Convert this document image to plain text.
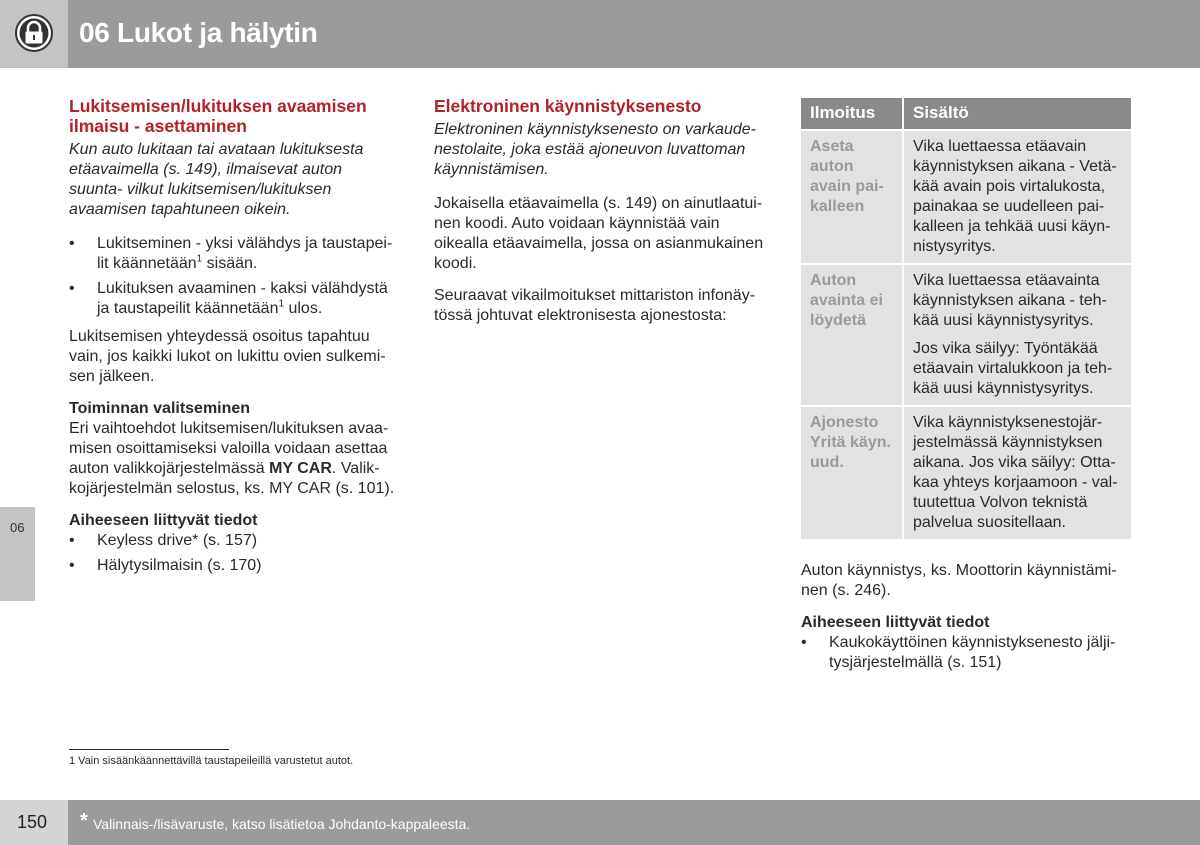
06 Lukot ja hälytin
06
Lukitsemisen/lukituksen avaamisen ilmaisu - asettaminen

Kun auto lukitaan tai avataan lukituksesta etäavaimella (s. 149), ilmaisevat auton suunta- vilkut lukitsemisen/lukituksen avaamisen tapahtuneen oikein.

• Lukitseminen - yksi välähdys ja taustapei- lit käännetään$^1$ sisään.
• Lukituksen avaaminen - kaksi välähdystä ja taustapeilit käännetään$^1$ ulos.

Lukitsemisen yhteydessä osoitus tapahtuu vain, jos kaikki lukot on lukittu ovien sulkemi- sen jälkeen.

Toiminnan valitseminen

Eri vaihtoehdot lukitsemisen/lukituksen avaa- misen osoittamiseksi valoilla voidaan asettaa auton valikkojärjestelmässä MY CAR. Valik- kojärjestelmän selostus, ks. MY CAR (s. 101).

Aiheeseen liittyvät tiedot
• Keyless drive* (s. 157)
• Hälytysilmaisin (s. 170)
Elektroninen käynnistyksenesto

Elektroninen käynnistyksenesto on varkaude- nestolaite, joka estää ajoneuvon luvattoman käynnistämisen.

Jokaisella etäavaimella (s. 149) on ainutlaatui- nen koodi. Auto voidaan käynnistää vain oikealla etäavaimella, jossa on asianmukainen koodi.

Seuraavat vikailmoitukset mittariston infonäy- tössä johtuvat elektronisesta ajonestosta:

Ilmoitus	Sisältö
Aseta auton avain pai- kalleen	Vika luettaessa etäavain käynnistyksen aikana - Vetä- kää avain pois virtalukosta, painakaa se uudelleen pai- kalleen ja tehkää uusi käyn- nistysyritys.

Auton avainta ei löydetä	Vika luettaessa etäavainta käynnistyksen aikana - teh- kää uusi käynnistysyritys.

Jos vika säilyy: Työntäkää etäavain virtalukkoon ja teh- kää uusi käynnistysyritys.

Ajonesto Yritä käyn. uud.	Vika käynnistyksenestojär- jestelmässä käynnistyksen aikana. Jos vika säilyy: Otta- kaa yhteys korjaamoon - val- tuutettua Volvon teknistä palvelua suositellaan.

Auton käynnistys, ks. Moottorin käynnistämi- nen (s. 246).

Aiheeseen liittyvät tiedot
• Kaukokäyttöinen käynnistyksenesto jälji- tysjärjestelmällä (s. 151)
1 Vain sisäänkäännettävillä taustapeileillä varustetut autot.
150 * Valinnais-/lisävaruste, katso lisätietoa Johdanto-kappaleesta.
